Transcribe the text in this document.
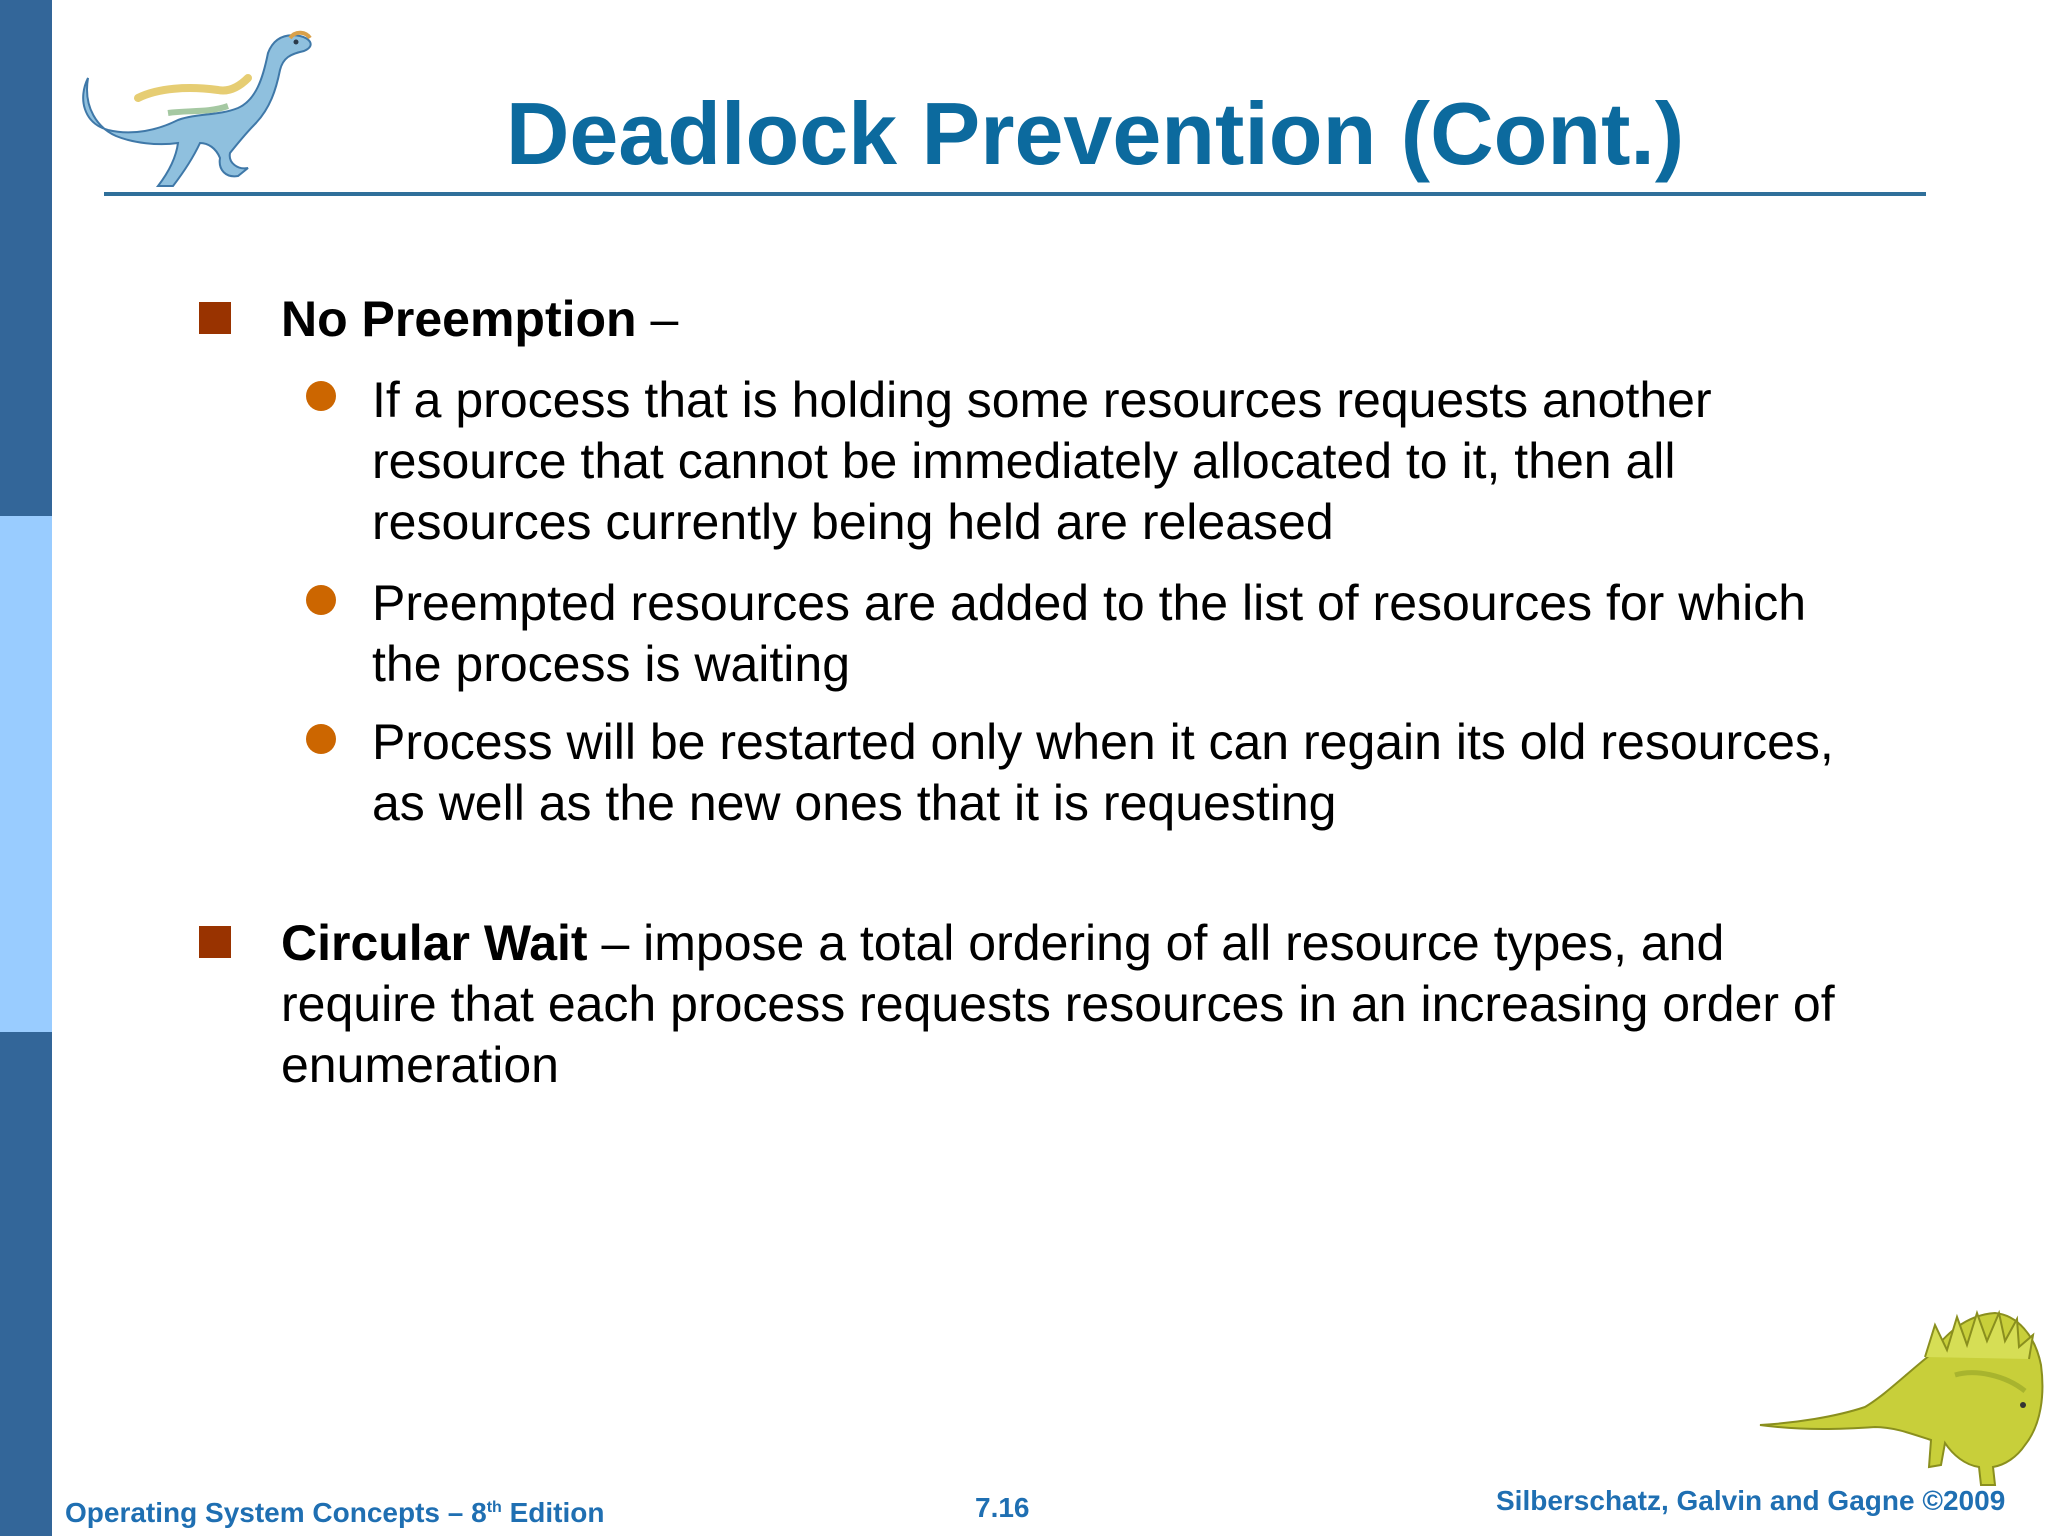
Deadlock Prevention (Cont.)
No Preemption –
If a process that is holding some resources requests another
resource that cannot be immediately allocated to it, then all
resources currently being held are released
Preempted resources are added to the list of resources for which
the process is waiting
Process will be restarted only when it can regain its old resources,
as well as the new ones that it is requesting
Circular Wait – impose a total ordering of all resource types, and
require that each process requests resources in an increasing order of
enumeration
Operating System Concepts – 8th Edition	7.16	Silberschatz, Galvin and Gagne ©2009
